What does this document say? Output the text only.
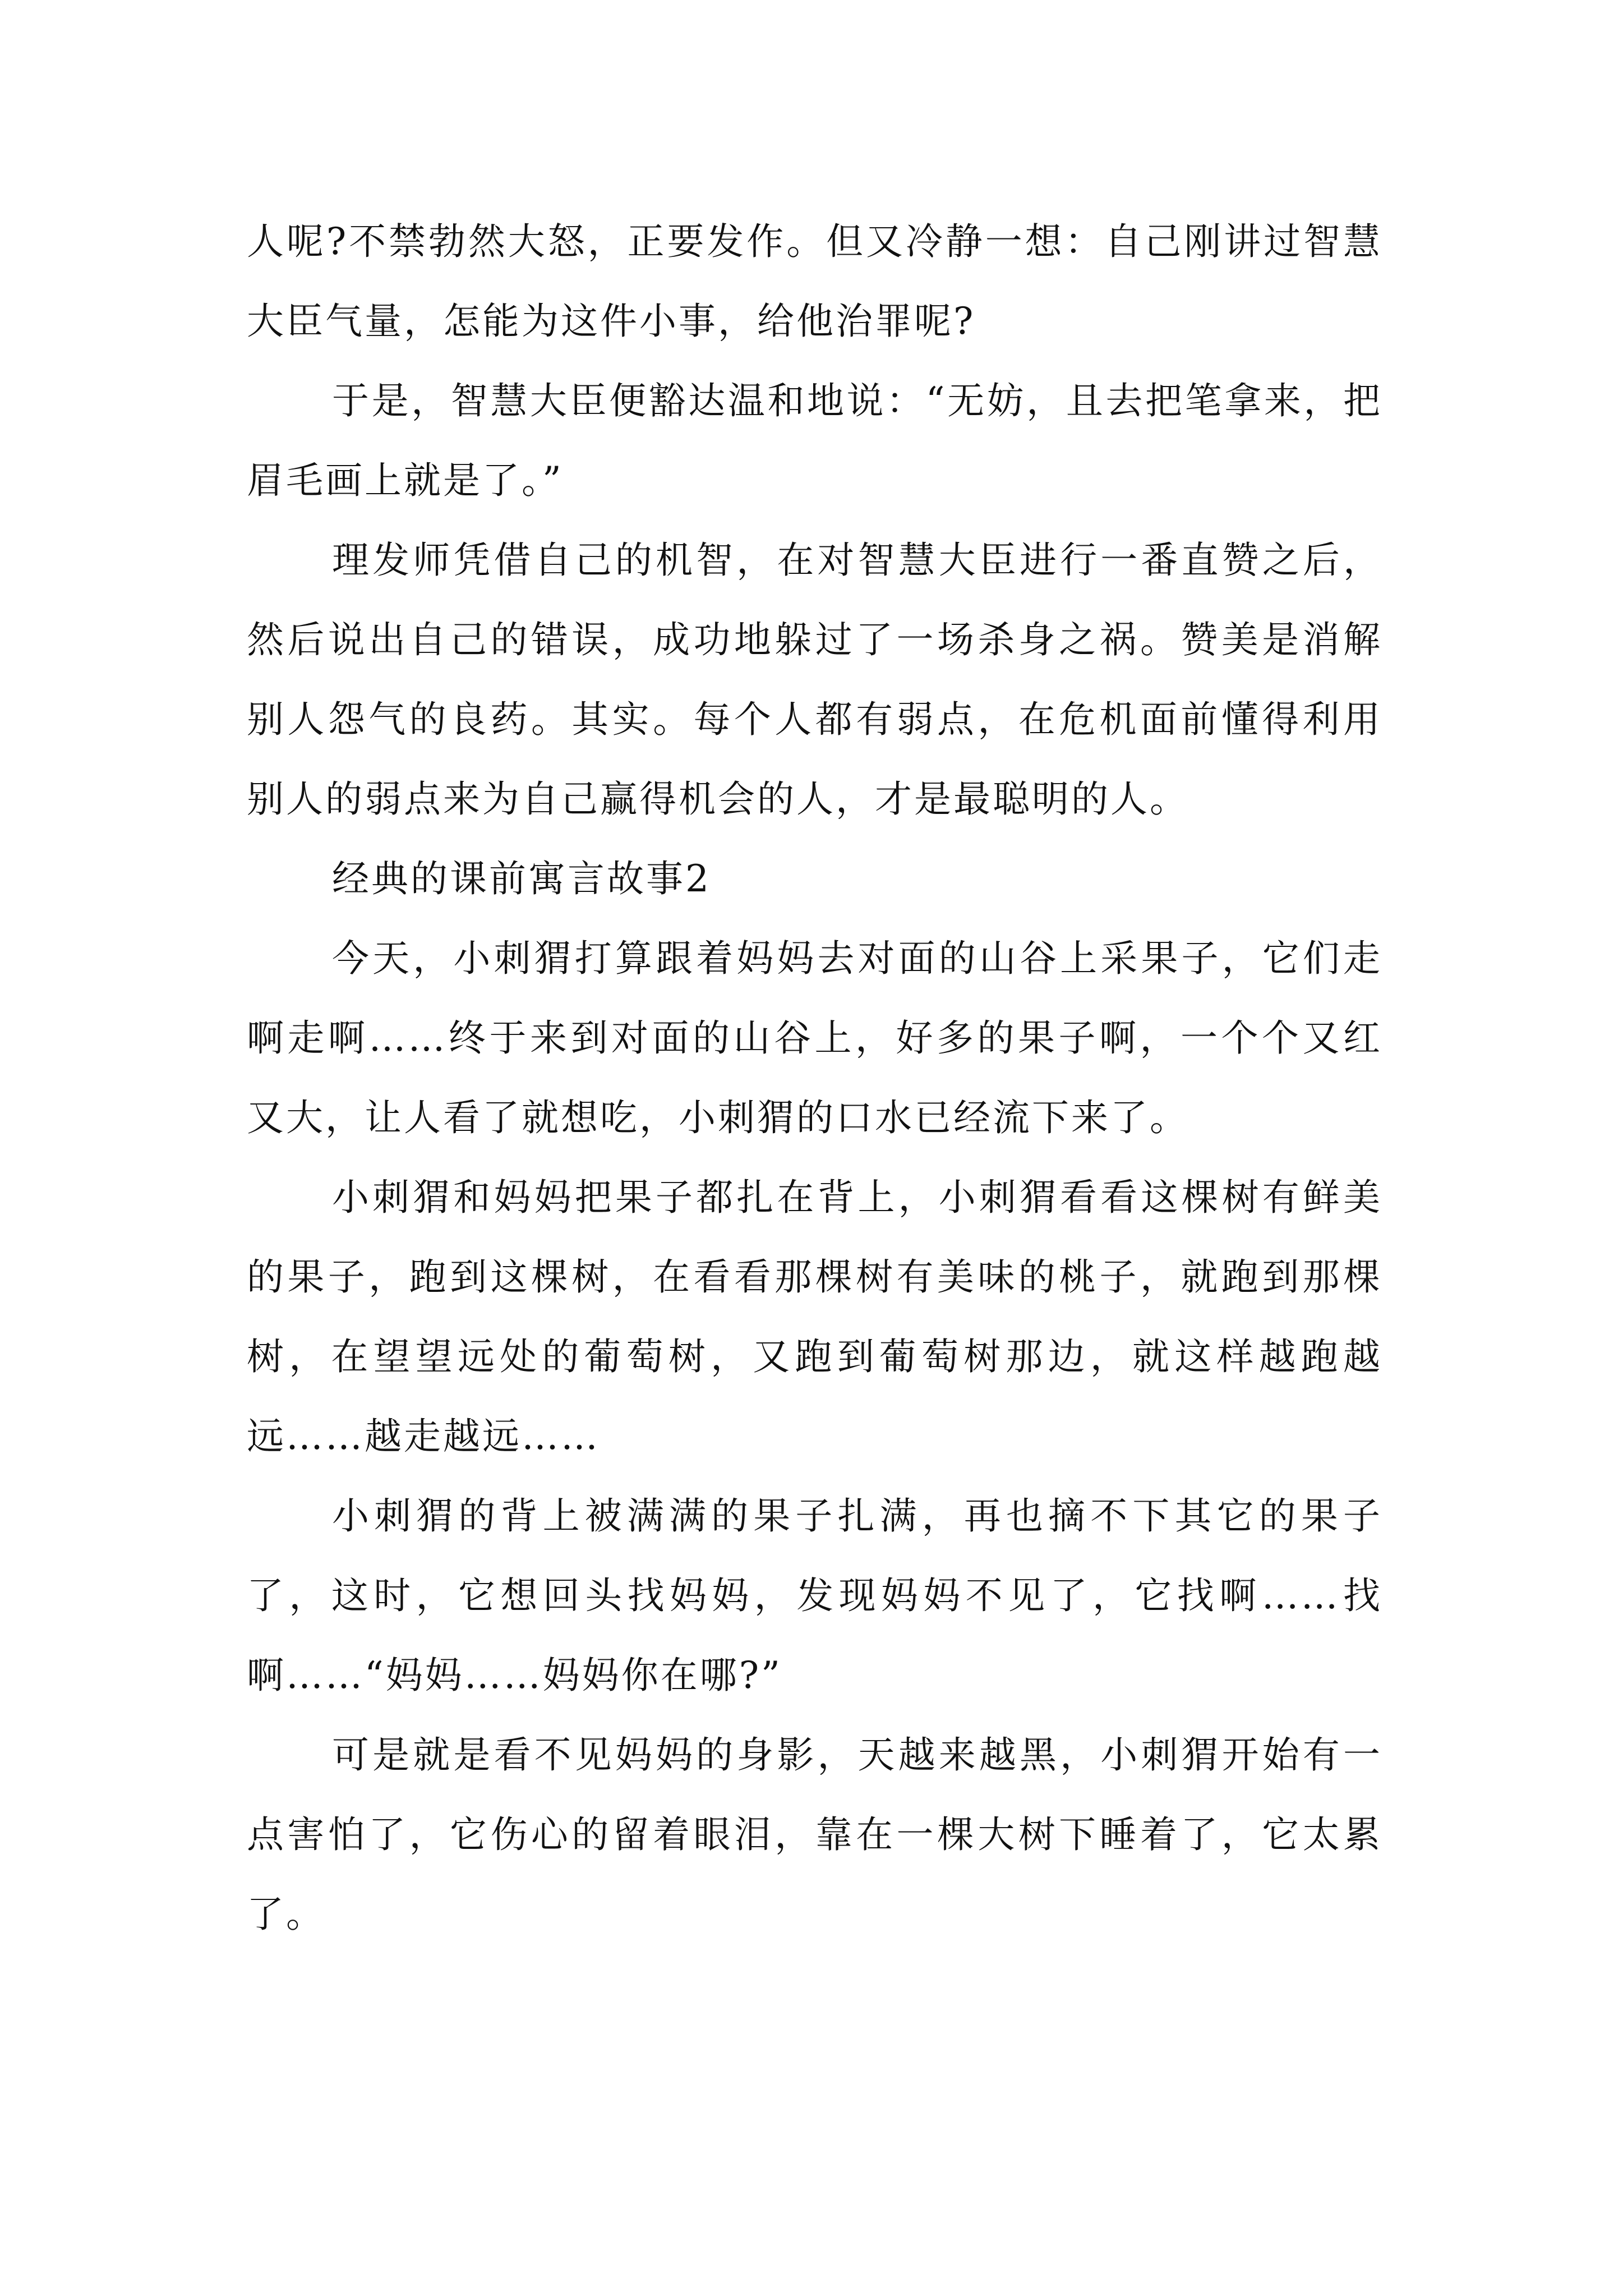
人呢?不禁勃然大怒，正要发作。但又冷静一想：自己刚讲过智慧大臣气量，怎能为这件小事，给他治罪呢?

于是，智慧大臣便豁达温和地说：“无妨，且去把笔拿来，把眉毛画上就是了。”

理发师凭借自己的机智，在对智慧大臣进行一番直赞之后，然后说出自己的错误，成功地躲过了一场杀身之祸。赞美是消解别人怨气的良药。其实。每个人都有弱点，在危机面前懂得利用别人的弱点来为自己赢得机会的人，才是最聪明的人。

经典的课前寓言故事2

今天，小刺猬打算跟着妈妈去对面的山谷上采果子，它们走啊走啊……终于来到对面的山谷上，好多的果子啊，一个个又红又大，让人看了就想吃，小刺猬的口水已经流下来了。

小刺猬和妈妈把果子都扎在背上，小刺猬看看这棵树有鲜美的果子，跑到这棵树，在看看那棵树有美味的桃子，就跑到那棵树，在望望远处的葡萄树，又跑到葡萄树那边，就这样越跑越远……越走越远……

小刺猬的背上被满满的果子扎满，再也摘不下其它的果子了，这时，它想回头找妈妈，发现妈妈不见了，它找啊……找啊……“妈妈……妈妈你在哪?”

可是就是看不见妈妈的身影，天越来越黑，小刺猬开始有一点害怕了，它伤心的留着眼泪，靠在一棵大树下睡着了，它太累了。
